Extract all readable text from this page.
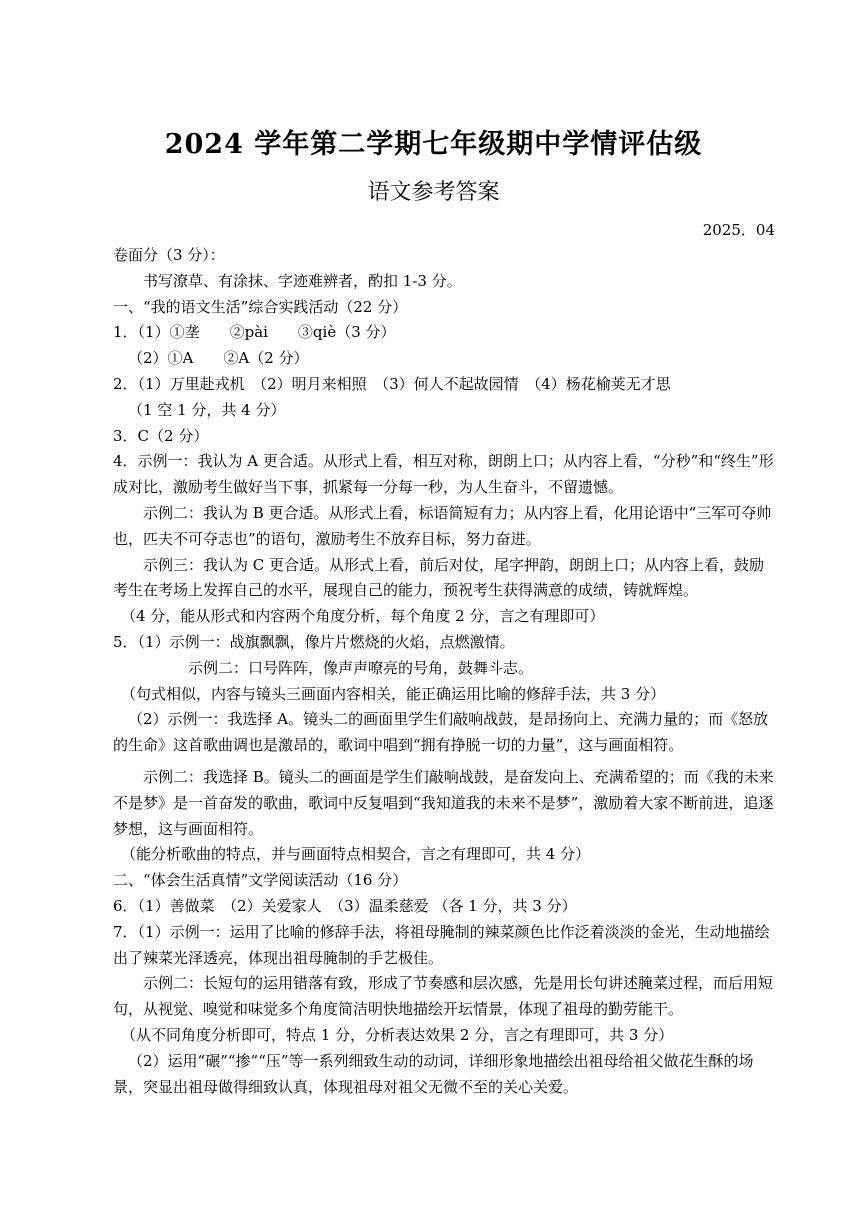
2024 学年第二学期七年级期中学情评估级
语文参考答案
2025．04
卷面分（3 分）：
书写潦草、有涂抹、字迹难辨者，酌扣 1-3 分。
一、“我的语文生活”综合实践活动（22 分）
1．（1）①垄　　②pài　　③qiè（3 分）
（2）①A　　②A（2 分）
2．（1）万里赴戎机　（2）明月来相照　（3）何人不起故园情　（4）杨花榆荚无才思
（1 空 1 分，共 4 分）
3．C（2 分）
4．示例一：我认为 A 更合适。从形式上看，相互对称，朗朗上口；从内容上看，“分秒”和“终生”形成对比，激励考生做好当下事，抓紧每一分每一秒，为人生奋斗，不留遗憾。
示例二：我认为 B 更合适。从形式上看，标语简短有力；从内容上看，化用论语中“三军可夺帅也，匹夫不可夺志也”的语句，激励考生不放弃目标，努力奋进。
示例三：我认为 C 更合适。从形式上看，前后对仗，尾字押韵，朗朗上口；从内容上看，鼓励考生在考场上发挥自己的水平，展现自己的能力，预祝考生获得满意的成绩，铸就辉煌。
（4 分，能从形式和内容两个角度分析，每个角度 2 分，言之有理即可）
5．（1）示例一：战旗飘飘，像片片燃烧的火焰，点燃激情。
示例二：口号阵阵，像声声嘹亮的号角，鼓舞斗志。
（句式相似，内容与镜头三画面内容相关，能正确运用比喻的修辞手法，共 3 分）
（2）示例一：我选择 A。镜头二的画面里学生们敲响战鼓，是昂扬向上、充满力量的；而《怒放的生命》这首歌曲调也是激昂的，歌词中唱到“拥有挣脱一切的力量”，这与画面相符。
示例二：我选择 B。镜头二的画面是学生们敲响战鼓，是奋发向上、充满希望的；而《我的未来不是梦》是一首奋发的歌曲，歌词中反复唱到“我知道我的未来不是梦”，激励着大家不断前进，追逐梦想，这与画面相符。
（能分析歌曲的特点，并与画面特点相契合，言之有理即可，共 4 分）
二、“体会生活真情”文学阅读活动（16 分）
6．（1）善做菜　（2）关爱家人　（3）温柔慈爱 （各 1 分，共 3 分）
7．（1）示例一：运用了比喻的修辞手法，将祖母腌制的辣菜颜色比作泛着淡淡的金光，生动地描绘出了辣菜光泽透亮，体现出祖母腌制的手艺极佳。
示例二：长短句的运用错落有致，形成了节奏感和层次感，先是用长句讲述腌菜过程，而后用短句，从视觉、嗅觉和味觉多个角度简洁明快地描绘开坛情景，体现了祖母的勤劳能干。
（从不同角度分析即可，特点 1 分，分析表达效果 2 分，言之有理即可，共 3 分）
（2）运用“碾”“掺”“压”等一系列细致生动的动词，详细形象地描绘出祖母给祖父做花生酥的场景，突显出祖母做得细致认真，体现祖母对祖父无微不至的关心关爱。
